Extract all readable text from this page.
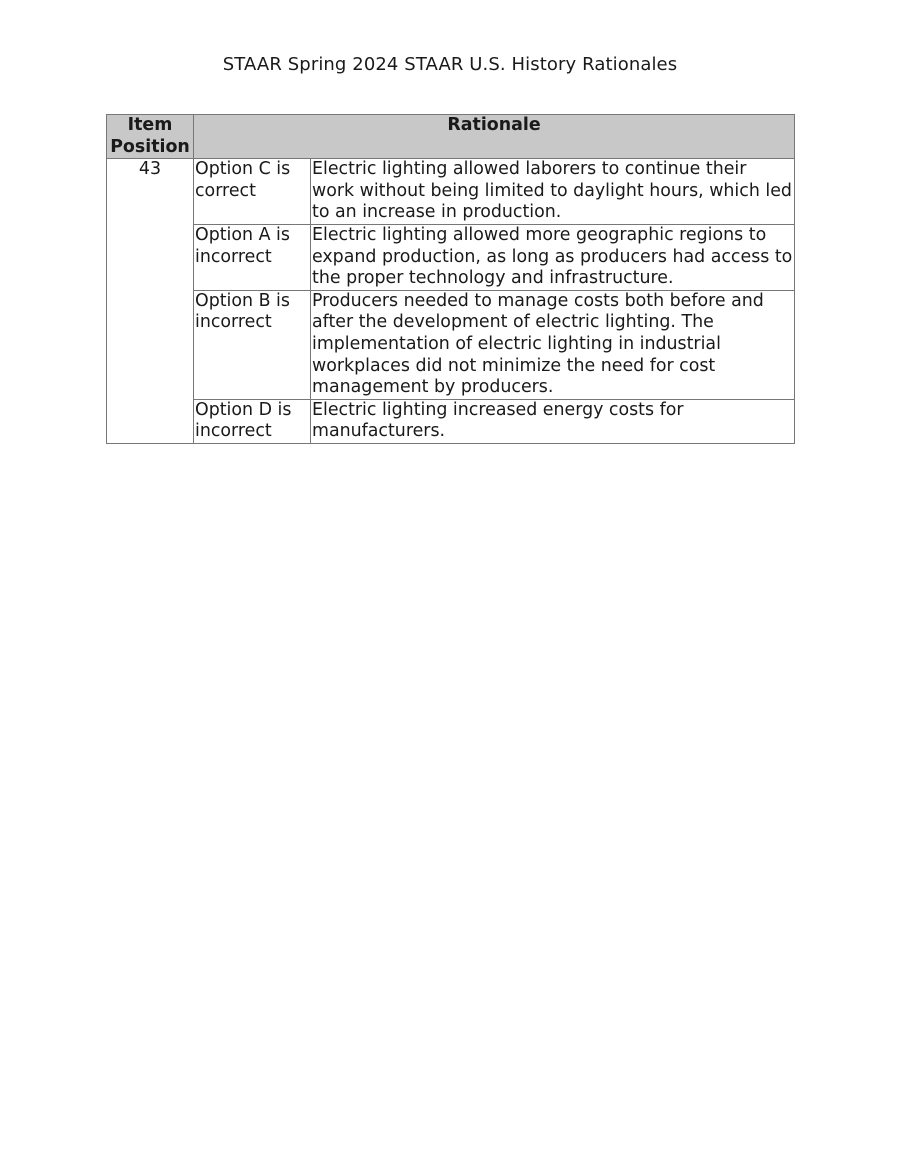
STAAR Spring 2024 STAAR U.S. History Rationales
Item Position	Rationale	
43	Option C is correct	Electric lighting allowed laborers to continue their work without being limited to daylight hours, which led to an increase in production.
	Option A is incorrect	Electric lighting allowed more geographic regions to expand production, as long as producers had access to the proper technology and infrastructure.
	Option B is incorrect	Producers needed to manage costs both before and after the development of electric lighting. The implementation of electric lighting in industrial workplaces did not minimize the need for cost management by producers.
	Option D is incorrect	Electric lighting increased energy costs for manufacturers.
